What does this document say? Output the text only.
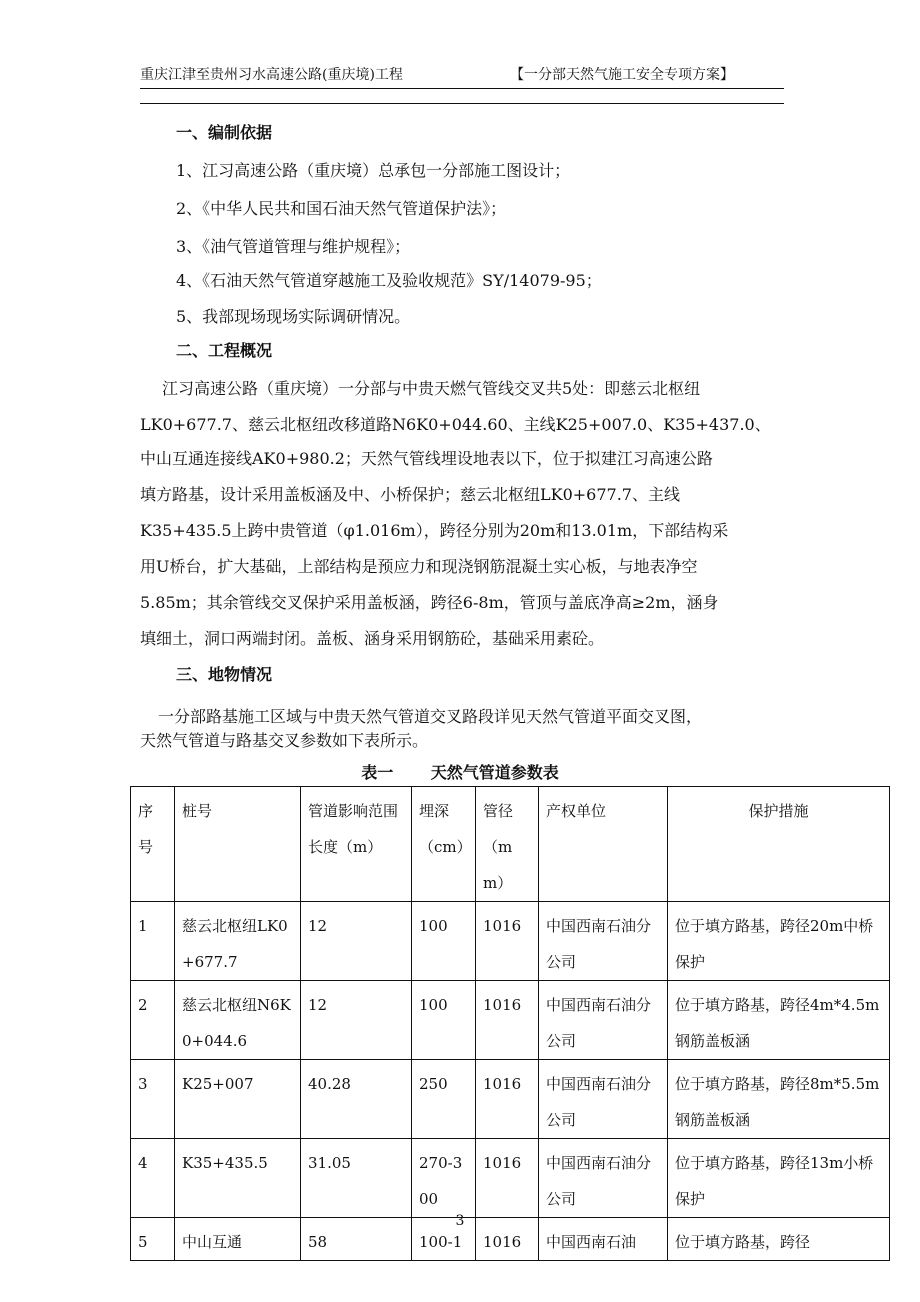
重庆江津至贵州习水高速公路(重庆境)工程	【一分部天然气施工安全专项方案】
一、编制依据
1、江习高速公路（重庆境）总承包一分部施工图设计；
2、《中华人民共和国石油天然气管道保护法》；
3、《油气管道管理与维护规程》；
4、《石油天然气管道穿越施工及验收规范》SY/14079-95；
5、我部现场现场实际调研情况。
二、工程概况
江习高速公路（重庆境）一分部与中贵天燃气管线交叉共5处：即慈云北枢纽
LK0+677.7、慈云北枢纽改移道路N6K0+044.60、主线K25+007.0、K35+437.0、
中山互通连接线AK0+980.2；天然气管线埋设地表以下，位于拟建江习高速公路
填方路基，设计采用盖板涵及中、小桥保护；慈云北枢纽LK0+677.7、主线
K35+435.5上跨中贵管道（φ1.016m），跨径分别为20m和13.01m，下部结构采
用U桥台，扩大基础，上部结构是预应力和现浇钢筋混凝土实心板，与地表净空
5.85m；其余管线交叉保护采用盖板涵，跨径6-8m，管顶与盖底净高≥2m，涵身
填细土，洞口两端封闭。盖板、涵身采用钢筋砼，基础采用素砼。
三、地物情况
一分部路基施工区域与中贵天然气管道交叉路段详见天然气管道平面交叉图，
天然气管道与路基交叉参数如下表所示。
表一 天然气管道参数表
序号	桩号	管道影响范围长度（m）	埋深（cm）	管径（mm）	产权单位	保护措施
1	慈云北枢纽LK0+677.7	12	100	1016	中国西南石油分公司	位于填方路基，跨径20m中桥保护
2	慈云北枢纽N6K0+044.6	12	100	1016	中国西南石油分公司	位于填方路基，跨径4m*4.5m钢筋盖板涵
3	K25+007	40.28	250	1016	中国西南石油分公司	位于填方路基，跨径8m*5.5m钢筋盖板涵
4	K35+435.5	31.05	270-300	1016	中国西南石油分公司	位于填方路基，跨径13m小桥保护
5	中山互通	58	100-1	1016	中国西南石油	位于填方路基，跨径
3
